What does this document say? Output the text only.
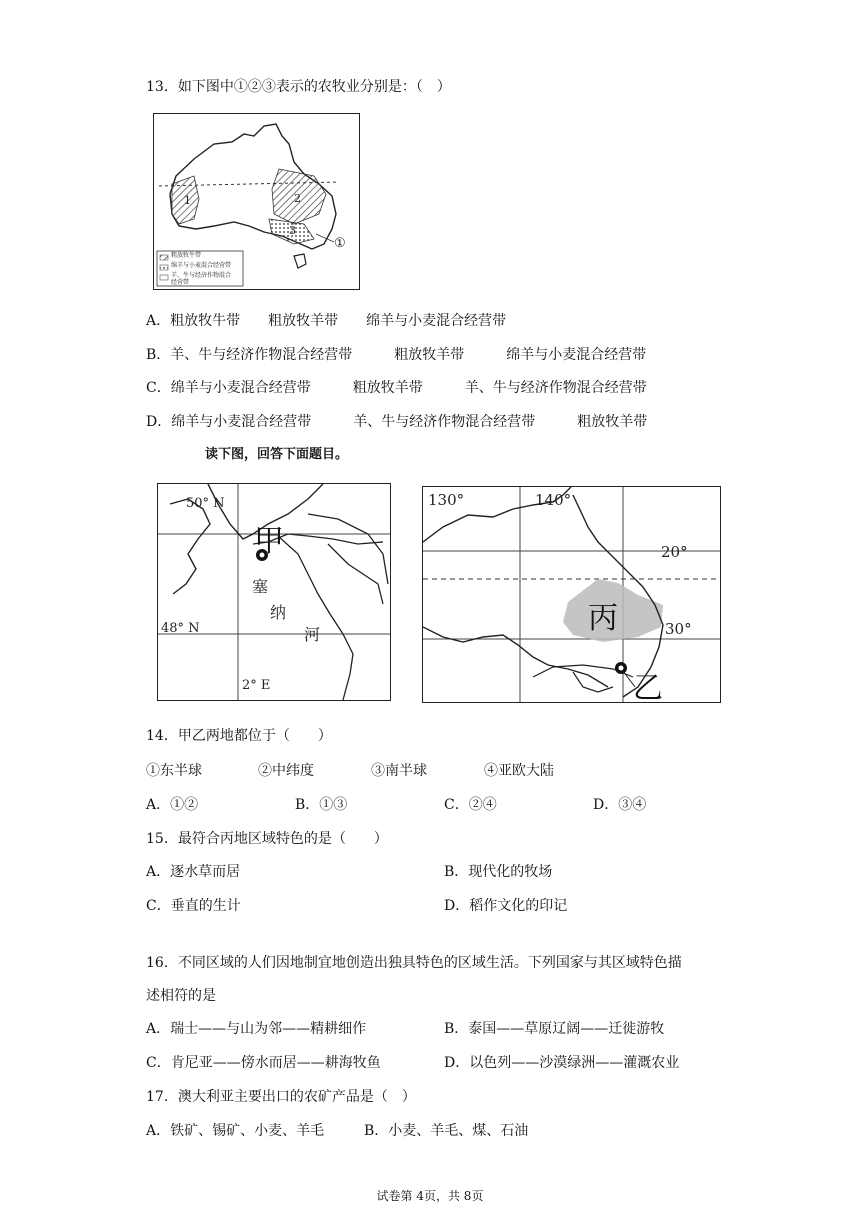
13．如下图中①②③表示的农牧业分别是：（　）
粗放牧牛带
绵羊与小麦混合经营带
羊、牛与经济作物混合
经营带
1	2
3
①
A．粗放牧牛带　　粗放牧羊带　　绵羊与小麦混合经营带
B．羊、牛与经济作物混合经营带　　　粗放牧羊带　　　绵羊与小麦混合经营带
C．绵羊与小麦混合经营带　　　粗放牧羊带　　　羊、牛与经济作物混合经营带
D．绵羊与小麦混合经营带　　　羊、牛与经济作物混合经营带　　　粗放牧羊带
读下图，回答下面题目。
50° N
48° N
2° E
甲
塞
纳
河
130°	140°
20°
30°
丙
乙
14．甲乙两地都位于（　　）
①东半球	②中纬度	③南半球	④亚欧大陆
A．①②	B．①③	C．②④	D．③④
15．最符合丙地区域特色的是（　　）
A．逐水草而居	B．现代化的牧场
C．垂直的生计	D．稻作文化的印记
16．不同区域的人们因地制宜地创造出独具特色的区域生活。下列国家与其区域特色描
述相符的是
A．瑞士——与山为邻——精耕细作	B．泰国——草原辽阔——迁徙游牧
C．肯尼亚——傍水而居——耕海牧鱼	D．以色列——沙漠绿洲——灌溉农业
17．澳大利亚主要出口的农矿产品是（　）
A．铁矿、锡矿、小麦、羊毛	B．小麦、羊毛、煤、石油
试卷第 4页，共 8页
